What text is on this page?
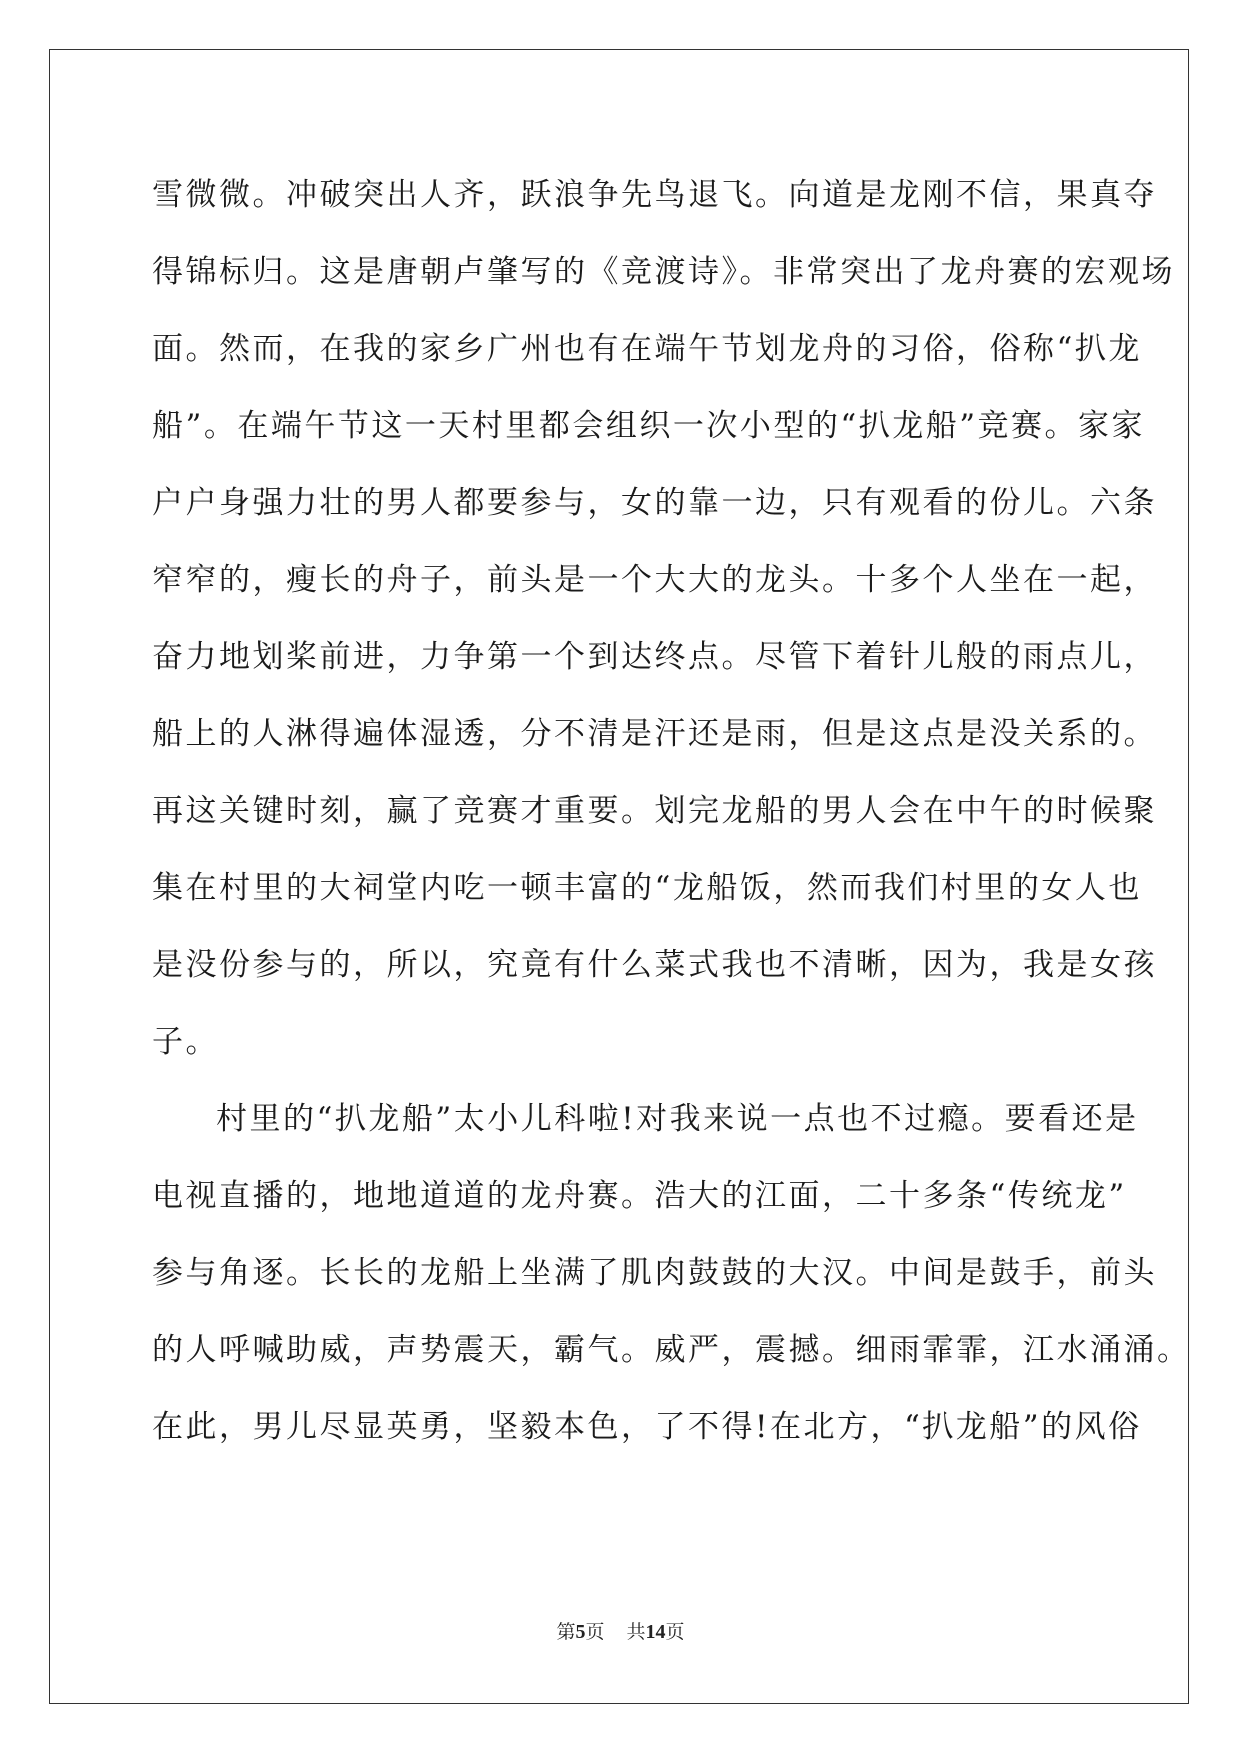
雪微微。冲破突出人齐，跃浪争先鸟退飞。向道是龙刚不信，果真夺
得锦标归。这是唐朝卢肇写的《竞渡诗》。非常突出了龙舟赛的宏观场
面。然而，在我的家乡广州也有在端午节划龙舟的习俗，俗称“扒龙
船”。在端午节这一天村里都会组织一次小型的“扒龙船”竞赛。家家
户户身强力壮的男人都要参与，女的靠一边，只有观看的份儿。六条
窄窄的，瘦长的舟子，前头是一个大大的龙头。十多个人坐在一起，
奋力地划桨前进，力争第一个到达终点。尽管下着针儿般的雨点儿，
船上的人淋得遍体湿透，分不清是汗还是雨，但是这点是没关系的。
再这关键时刻，赢了竞赛才重要。划完龙船的男人会在中午的时候聚
集在村里的大祠堂内吃一顿丰富的“龙船饭，然而我们村里的女人也
是没份参与的，所以，究竟有什么菜式我也不清晰，因为，我是女孩
子。
村里的“扒龙船”太小儿科啦!对我来说一点也不过瘾。要看还是
电视直播的，地地道道的龙舟赛。浩大的江面，二十多条“传统龙”
参与角逐。长长的龙船上坐满了肌肉鼓鼓的大汉。中间是鼓手，前头
的人呼喊助威，声势震天，霸气。威严，震撼。细雨霏霏，江水涌涌。
在此，男儿尽显英勇，坚毅本色，了不得!在北方，“扒龙船”的风俗
第5页 共14页
